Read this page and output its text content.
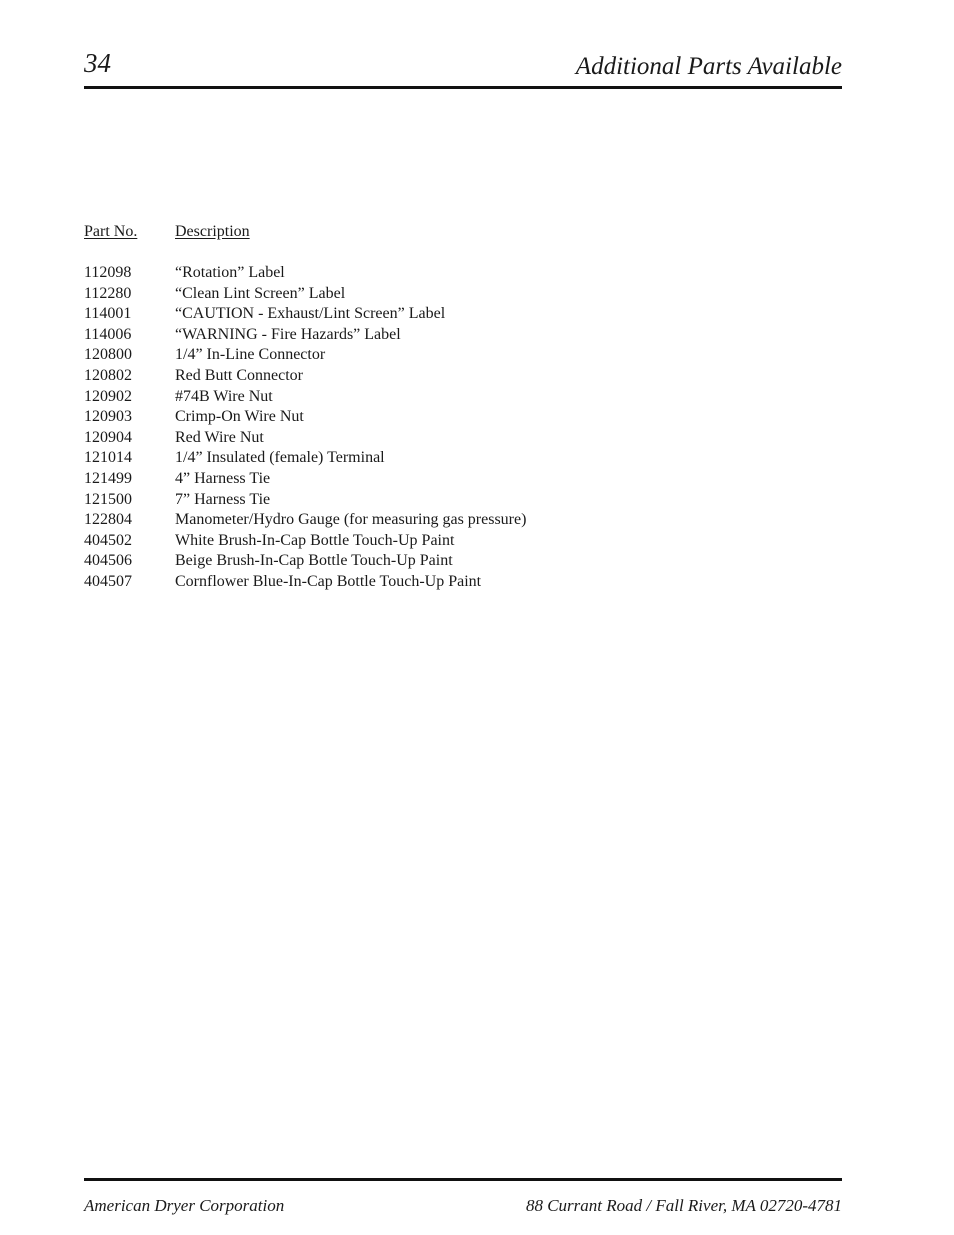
34	Additional Parts Available
Part No.	Description
112098	“Rotation” Label
112280	“Clean Lint Screen” Label
114001	“CAUTION - Exhaust/Lint Screen” Label
114006	“WARNING - Fire Hazards” Label
120800	1/4” In-Line Connector
120802	Red Butt Connector
120902	#74B Wire Nut
120903	Crimp-On Wire Nut
120904	Red Wire Nut
121014	1/4” Insulated (female) Terminal
121499	4” Harness Tie
121500	7” Harness Tie
122804	Manometer/Hydro Gauge (for measuring gas pressure)
404502	White Brush-In-Cap Bottle Touch-Up Paint
404506	Beige Brush-In-Cap Bottle Touch-Up Paint
404507	Cornflower Blue-In-Cap Bottle Touch-Up Paint
American Dryer Corporation	88 Currant Road / Fall River, MA 02720-4781
